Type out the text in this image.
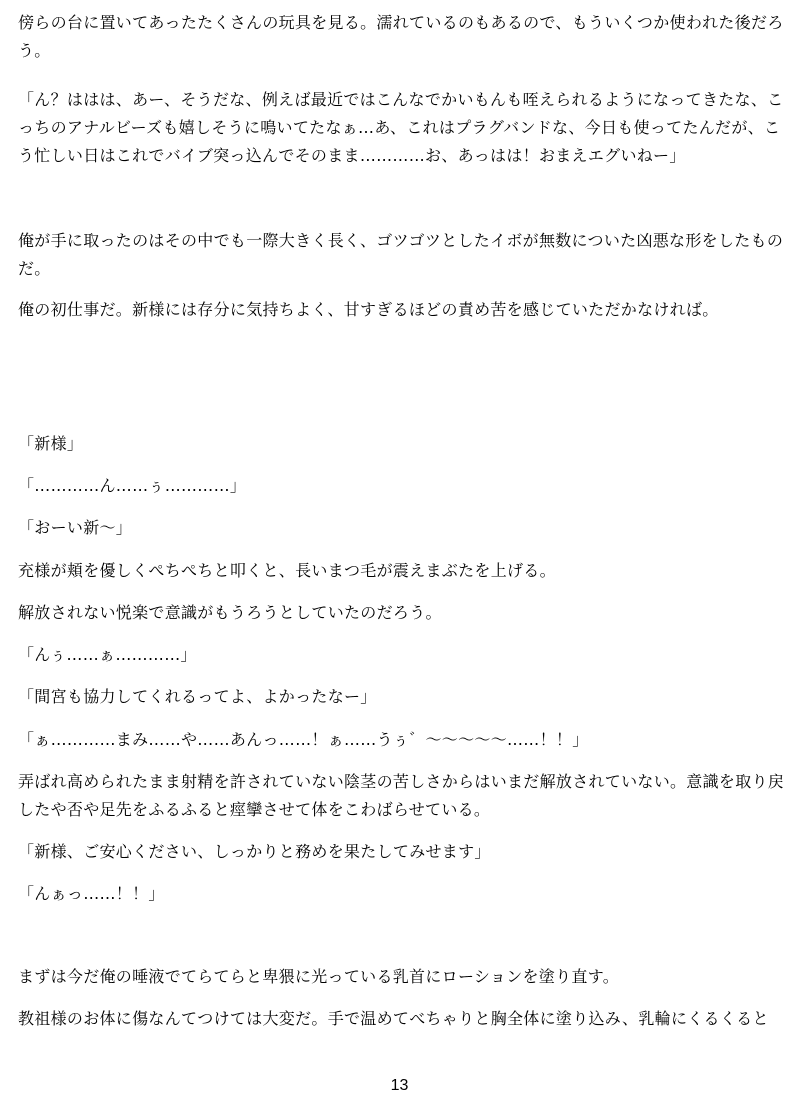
傍らの台に置いてあったたくさんの玩具を見る。濡れているのもあるので、もういくつか使われた後だろう。

「ん？ははは、あー、そうだな、例えば最近ではこんなでかいもんも咥えられるようになってきたな、こっちのアナルビーズも嬉しそうに鳴いてたなぁ…あ、これはプラグバンドな、今日も使ってたんだが、こう忙しい日はこれでバイブ突っ込んでそのまま…………お、あっはは！おまえエグいねー」

俺が手に取ったのはその中でも一際大きく長く、ゴツゴツとしたイボが無数についた凶悪な形をしたものだ。

俺の初仕事だ。新様には存分に気持ちよく、甘すぎるほどの責め苦を感じていただかなければ。

「新様」

「…………ん……ぅ…………」

「おーい新〜」

充様が頬を優しくぺちぺちと叩くと、長いまつ毛が震えまぶたを上げる。

解放されない悦楽で意識がもうろうとしていたのだろう。

「んぅ……ぁ…………」

「間宮も協力してくれるってよ、よかったなー」

「ぁ…………まみ……や……あんっ……！ぁ……うぅ゛〜〜〜〜〜……！！」

弄ばれ高められたまま射精を許されていない陰茎の苦しさからはいまだ解放されていない。意識を取り戻したや否や足先をふるふると痙攣させて体をこわばらせている。

「新様、ご安心ください、しっかりと務めを果たしてみせます」

「んぁっ……！！」

まずは今だ俺の唾液でてらてらと卑猥に光っている乳首にローションを塗り直す。

教祖様のお体に傷なんてつけては大変だ。手で温めてべちゃりと胸全体に塗り込み、乳輪にくるくると

13
